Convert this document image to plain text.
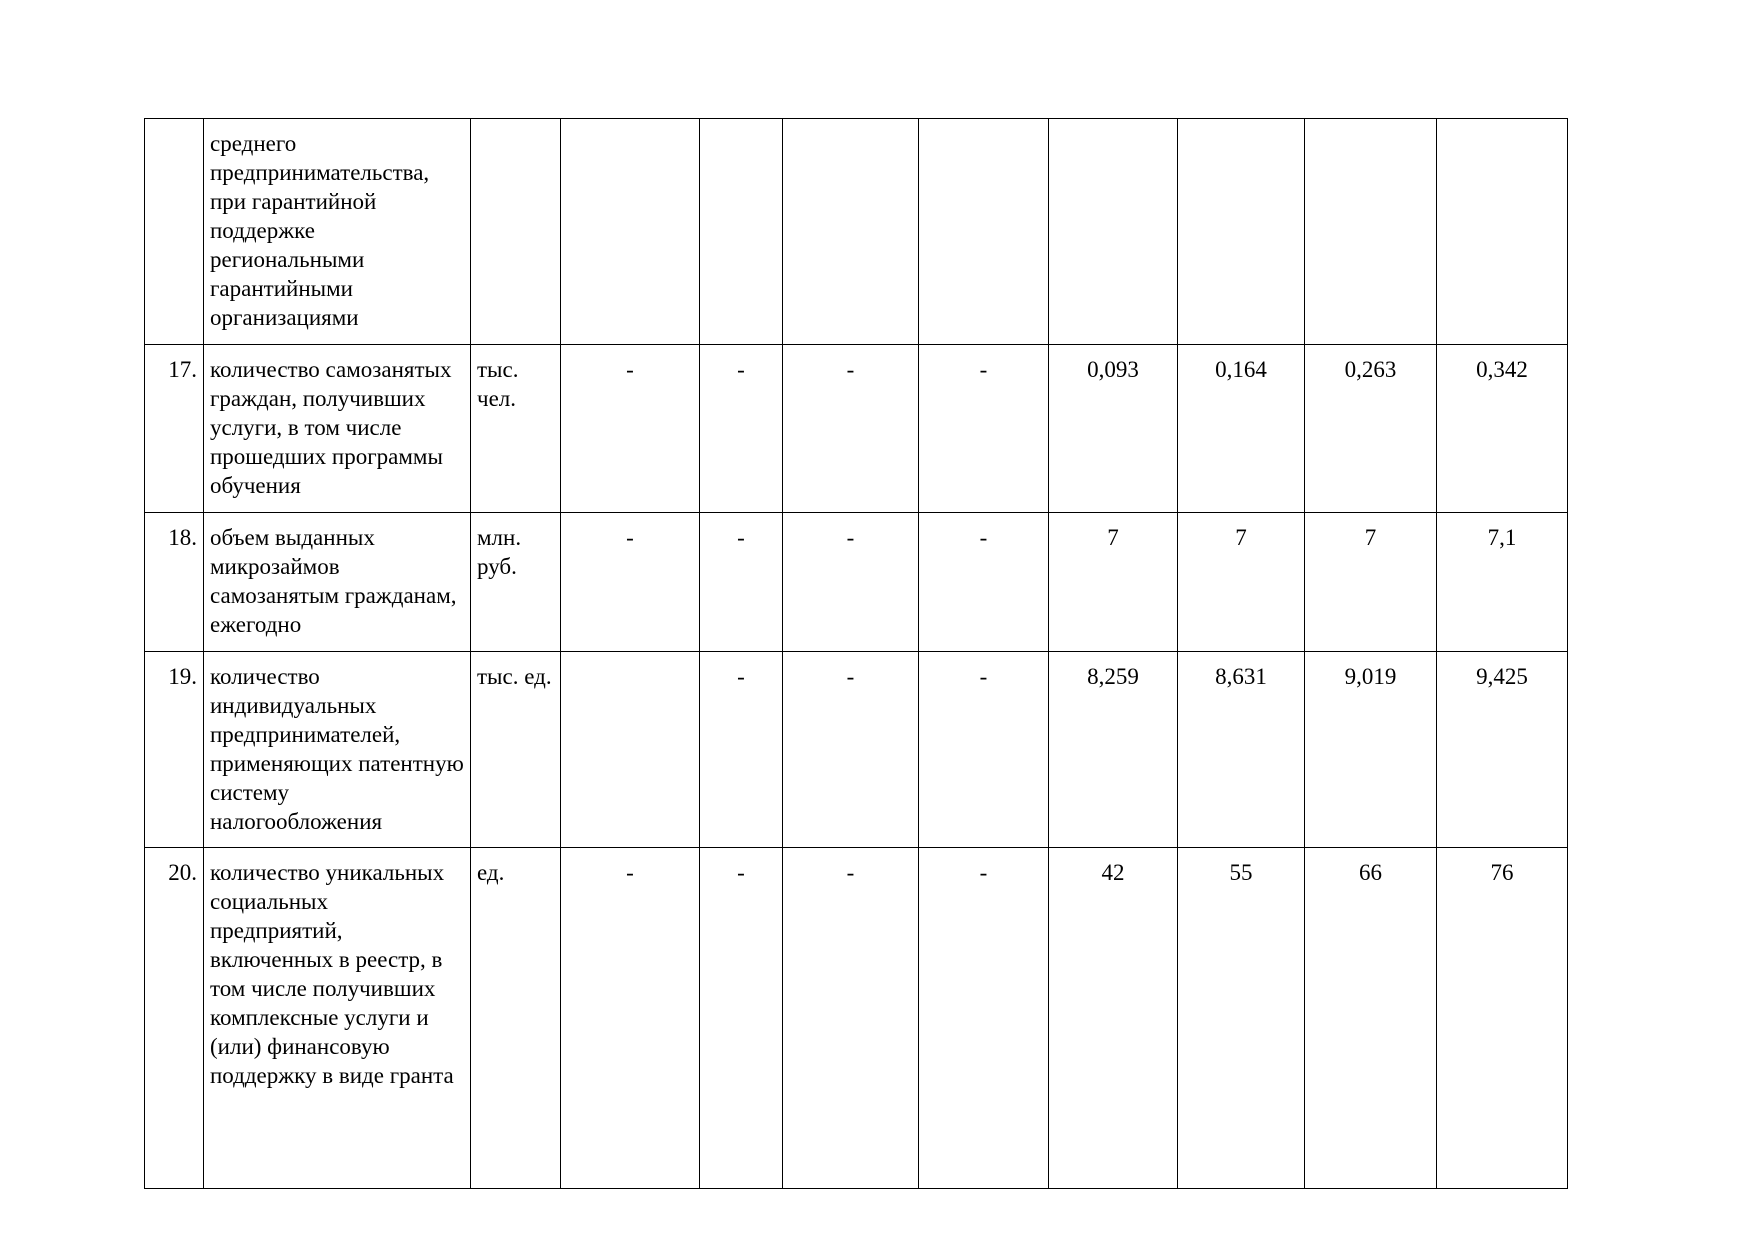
	среднего предпринимательства, при гарантийной поддержке региональными гарантийными организациями									
17.	количество самозанятых граждан, получивших услуги, в том числе прошедших программы обучения	тыс. чел.	-	-	-	-	0,093	0,164	0,263	0,342
18.	объем выданных микрозаймов самозанятым гражданам, ежегодно	млн. руб.	-	-	-	-	7	7	7	7,1
19.	количество индивидуальных предпринимателей, применяющих патентную систему налогообложения	тыс. ед.		-	-	-	8,259	8,631	9,019	9,425
20.	количество уникальных социальных предприятий, включенных в реестр, в том числе получивших комплексные услуги и (или) финансовую поддержку в виде гранта	ед.	-	-	-	-	42	55	66	76
